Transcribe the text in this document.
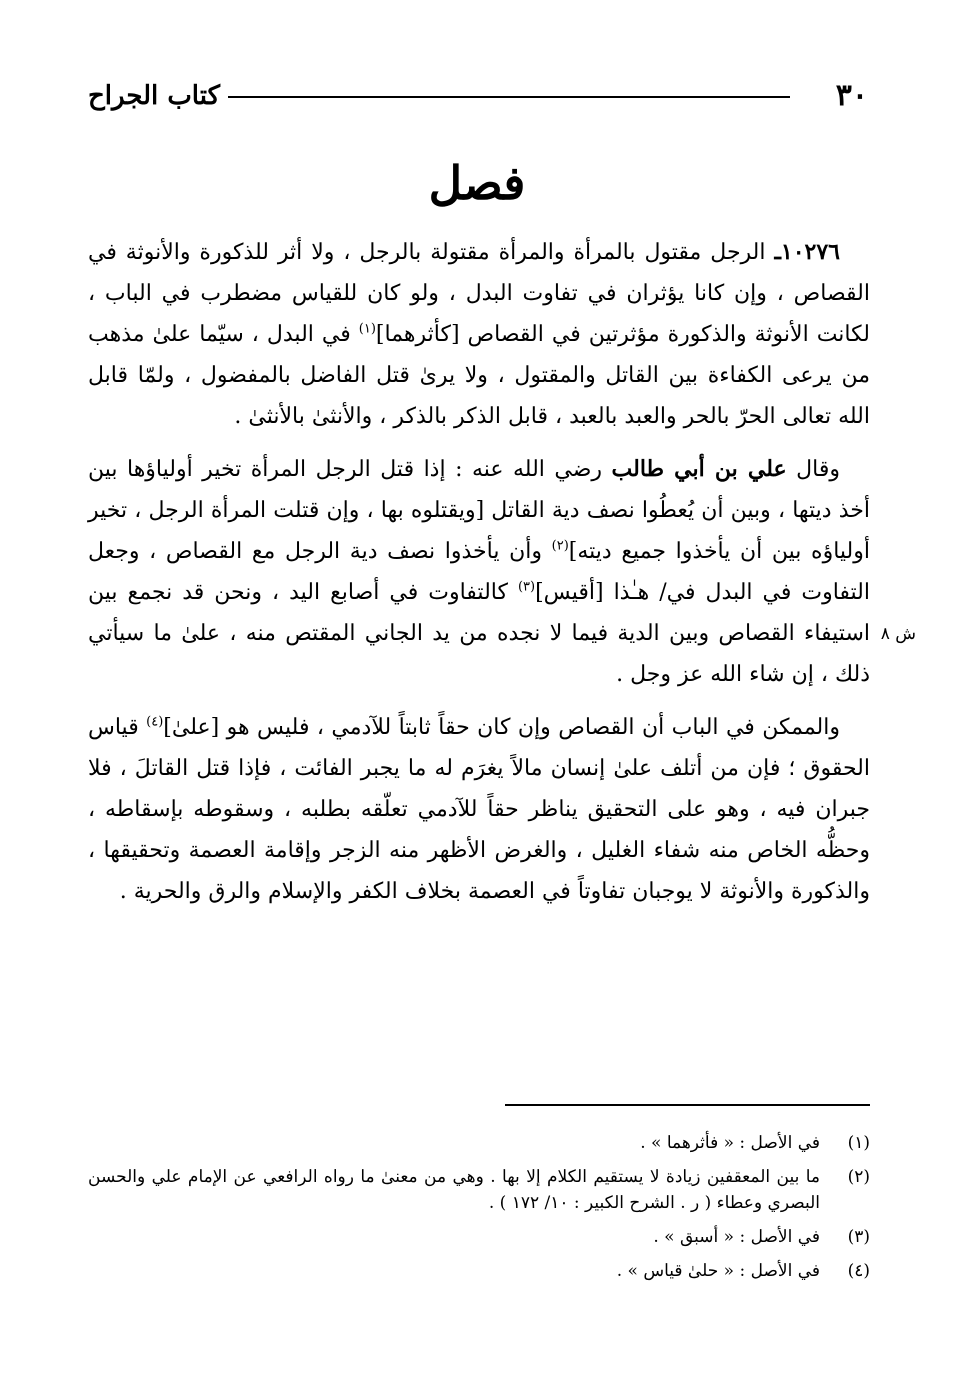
٣٠
كتاب الجراح
فصل

١٠٢٧٦ـ الرجل مقتول بالمرأة والمرأة مقتولة بالرجل ، ولا أثر للذكورة والأنوثة في القصاص ، وإن كانا يؤثران في تفاوت البدل ، ولو كان للقياس مضطرب في الباب ، لكانت الأنوثة والذكورة مؤثرتين في القصاص [كأثرهما]$^{(١)}$ في البدل ، سيّما علىٰ مذهب من يرعى الكفاءة بين القاتل والمقتول ، ولا يرىٰ قتل الفاضل بالمفضول ، ولمّا قابل الله تعالى الحرّ بالحر والعبد بالعبد ، قابل الذكر بالذكر ، والأنثىٰ بالأنثىٰ .

وقال علي بن أبي طالب رضي الله عنه : إذا قتل الرجل المرأة تخير أولياؤها بين أخذ ديتها ، وبين أن يُعطُوا نصف دية القاتل [ويقتلوه بها ، وإن قتلت المرأة الرجل ، تخير أولياؤه بين أن يأخذوا جميع ديته]$^{(٢)}$ وأن يأخذوا نصف دية الرجل مع القصاص ، وجعل التفاوت في البدل في/ هـٰذا [أقيس]$^{(٣)}$ كالتفاوت في أصابع اليد ، ونحن قد نجمع بين استيفاء القصاص وبين الدية فيما لا نجده من يد الجاني المقتص منه ، علىٰ ما سيأتي ذلك ، إن شاء الله عز وجل .

والممكن في الباب أن القصاص وإن كان حقاً ثابتاً للآدمي ، فليس هو [علىٰ]$^{(٤)}$ قياس الحقوق ؛ فإن من أتلف علىٰ إنسان مالاً يغرَم له ما يجبر الفائت ، فإذا قتل القاتلَ ، فلا جبران فيه ، وهو على التحقيق يناظر حقاً للآدمي تعلّقه بطلبه ، وسقوطه بإسقاطه ، وحظُّه الخاص منه شفاء الغليل ، والغرض الأظهر منه الزجر وإقامة العصمة وتحقيقها ، والذكورة والأنوثة لا يوجبان تفاوتاً في العصمة بخلاف الكفر والإسلام والرق والحرية .

ش ٨
(١)
في الأصل : « فأثرهما » .
(٢)
ما بين المعقفين زيادة لا يستقيم الكلام إلا بها . وهي من معنىٰ ما رواه الرافعي عن الإمام علي والحسن البصري وعطاء ( ر . الشرح الكبير : ١٠/ ١٧٢ ) .
(٣)
في الأصل : « أسبق » .
(٤)
في الأصل : « حلىٰ قياس » .
